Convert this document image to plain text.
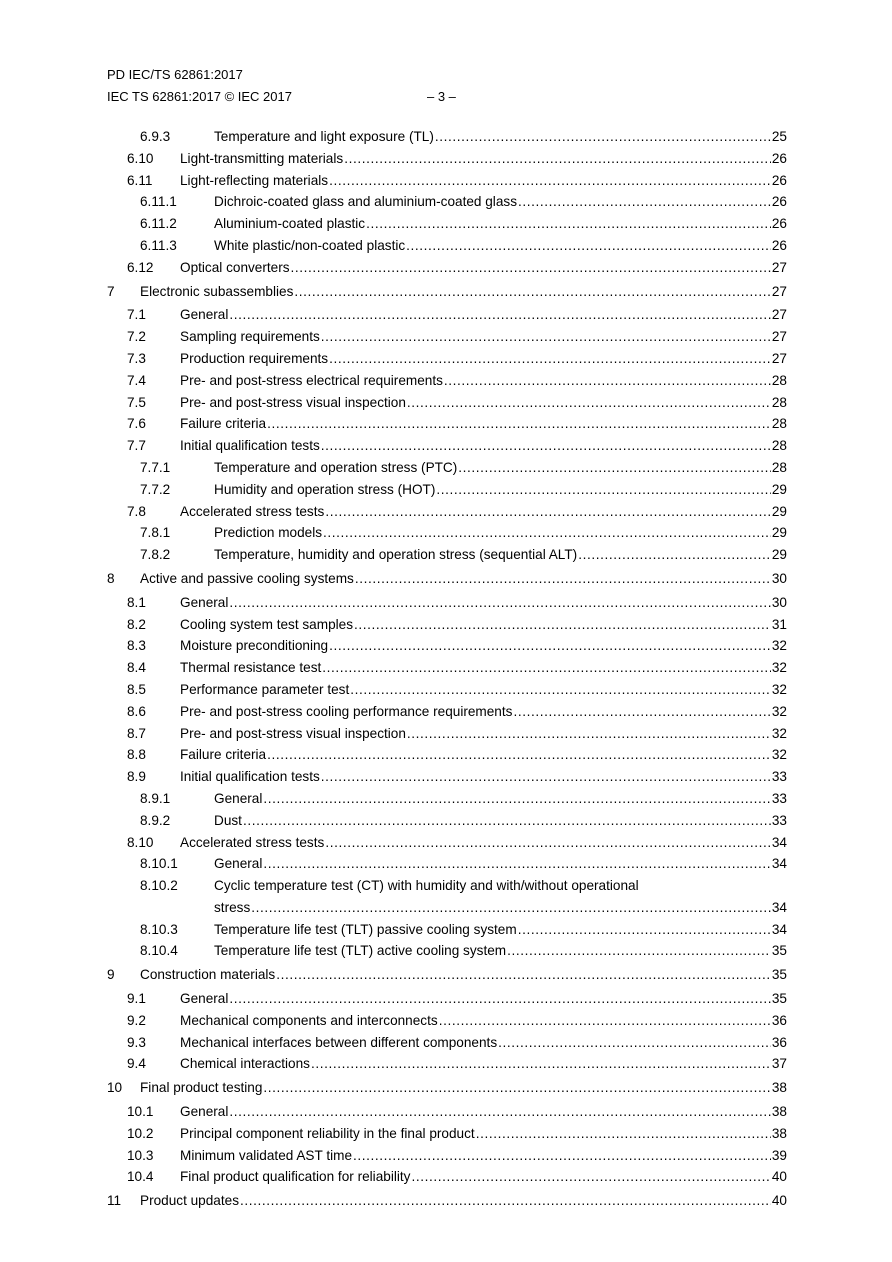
PD IEC/TS 62861:2017
IEC TS 62861:2017 © IEC 2017	– 3 –
6.9.3	Temperature and light exposure (TL) .....	25
6.10 Light-transmitting materials .....	26
6.11 Light-reflecting materials .....	26
6.11.1	Dichroic-coated glass and aluminium-coated glass .....	26
6.11.2	Aluminium-coated plastic .....	26
6.11.3	White plastic/non-coated plastic .....	26
6.12 Optical converters .....	27
7 Electronic subassemblies .....	27
7.1	General .....	27
7.2	Sampling requirements .....	27
7.3	Production requirements .....	27
7.4	Pre- and post-stress electrical requirements .....	28
7.5	Pre- and post-stress visual inspection .....	28
7.6	Failure criteria .....	28
7.7	Initial qualification tests .....	28
7.7.1	Temperature and operation stress (PTC) .....	28
7.7.2	Humidity and operation stress (HOT) .....	29
7.8	Accelerated stress tests .....	29
7.8.1	Prediction models .....	29
7.8.2	Temperature, humidity and operation stress (sequential ALT) .....	29
8 Active and passive cooling systems .....	30
8.1	General .....	30
8.2	Cooling system test samples .....	31
8.3	Moisture preconditioning .....	32
8.4	Thermal resistance test .....	32
8.5	Performance parameter test .....	32
8.6	Pre- and post-stress cooling performance requirements .....	32
8.7	Pre- and post-stress visual inspection .....	32
8.8	Failure criteria .....	32
8.9	Initial qualification tests .....	33
8.9.1	General .....	33
8.9.2	Dust .....	33
8.10 Accelerated stress tests .....	34
8.10.1	General .....	34
8.10.2	Cyclic temperature test (CT) with humidity and with/without operational
stress .....	34
8.10.3	Temperature life test (TLT) passive cooling system .....	34
8.10.4	Temperature life test (TLT) active cooling system .....	35
9 Construction materials .....	35
9.1	General .....	35
9.2	Mechanical components and interconnects .....	36
9.3	Mechanical interfaces between different components .....	36
9.4	Chemical interactions .....	37
10 Final product testing .....	38
10.1 General .....	38
10.2 Principal component reliability in the final product .....	38
10.3 Minimum validated AST time .....	39
10.4 Final product qualification for reliability .....	40
11 Product updates .....	40
